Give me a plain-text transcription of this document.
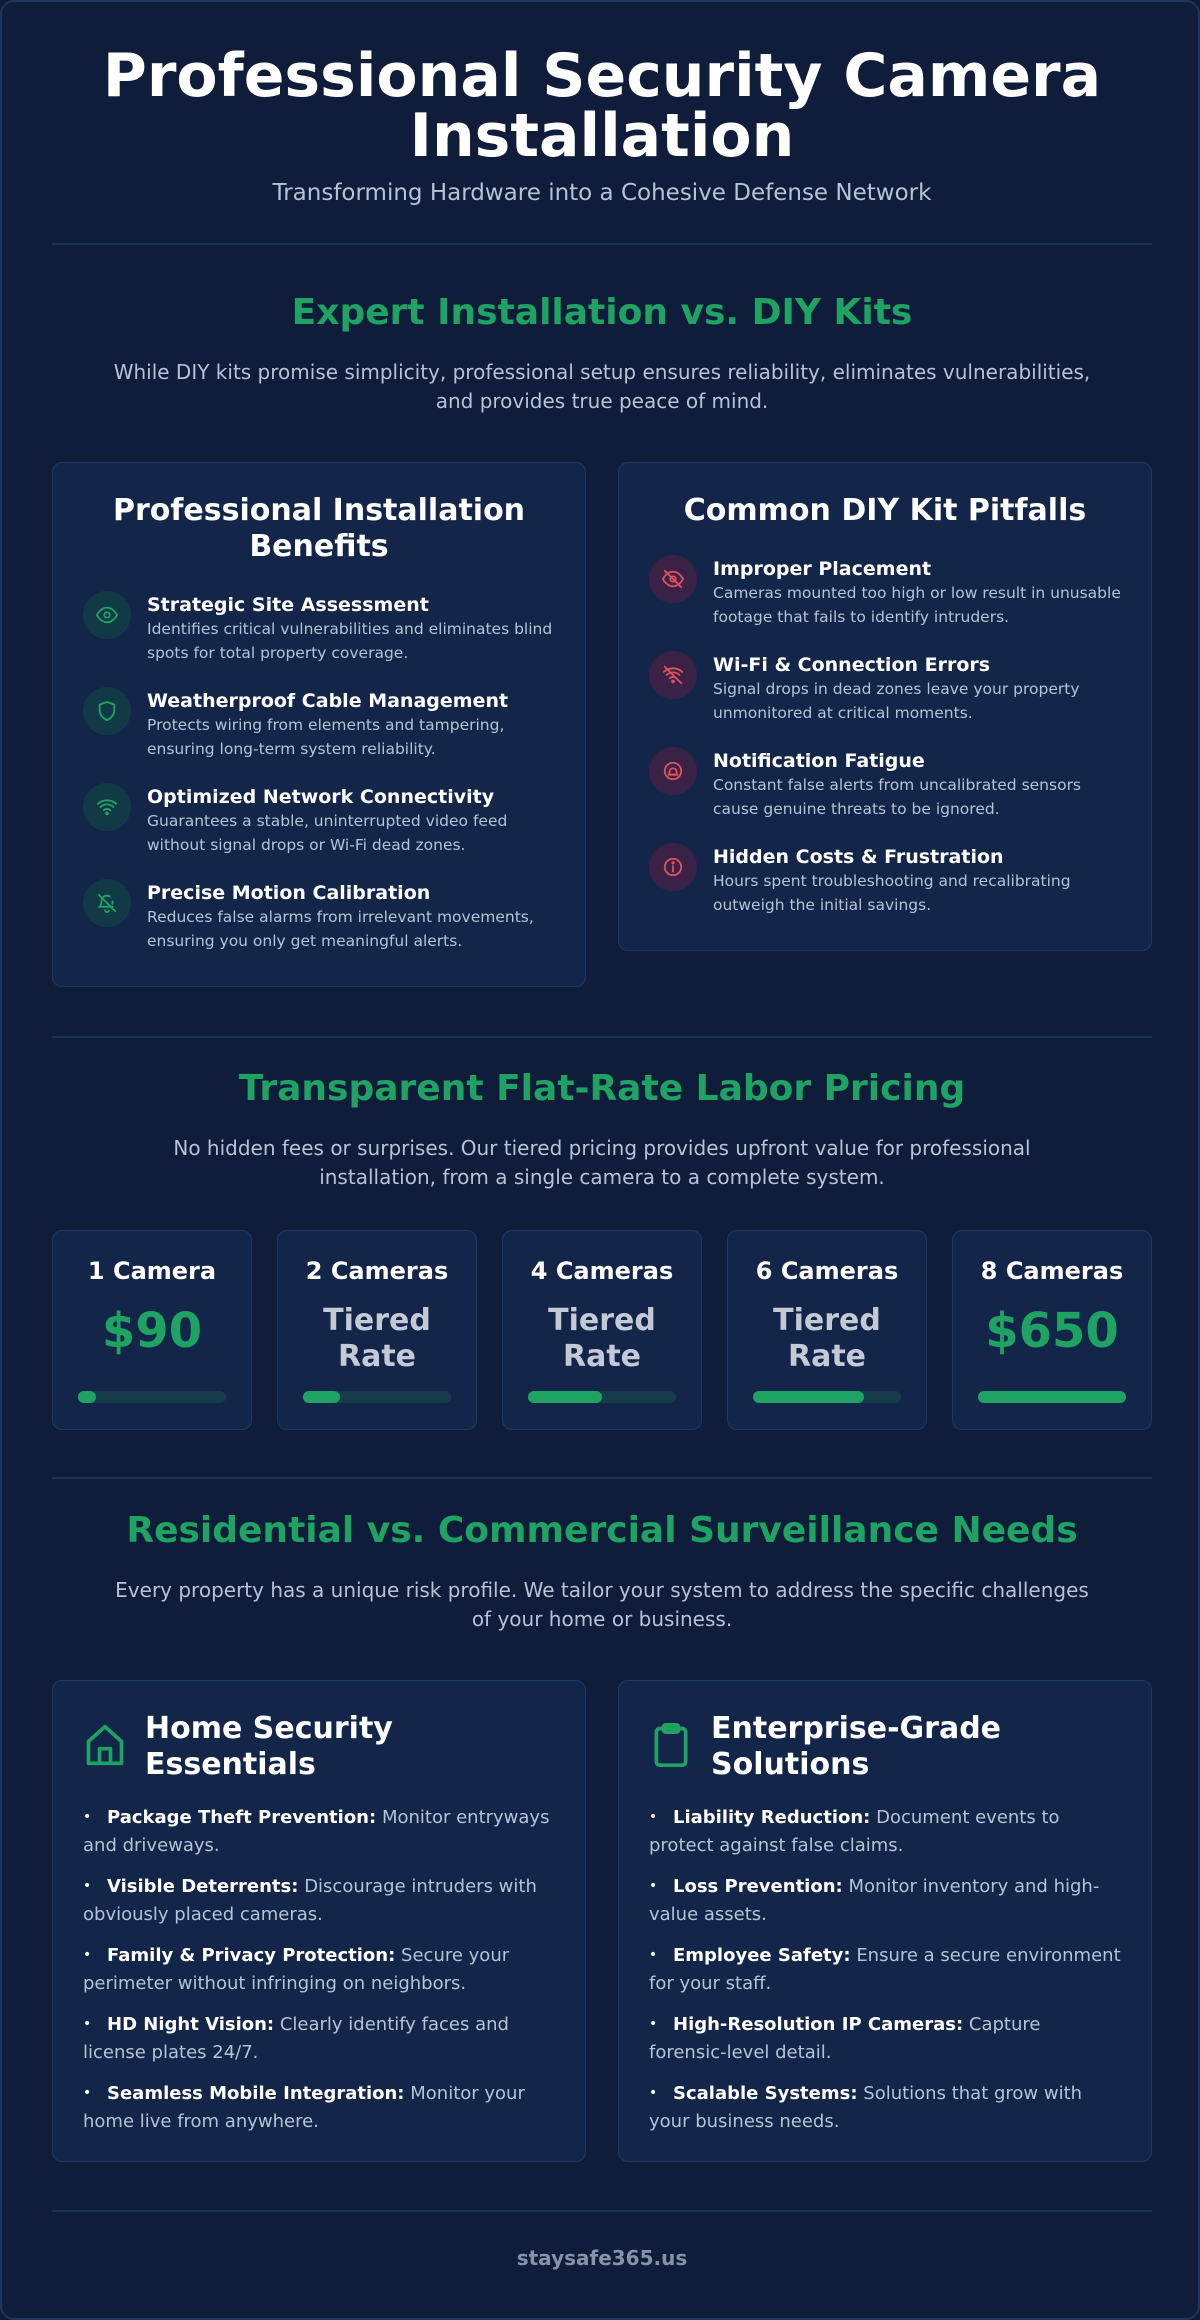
Professional Security Camera
Installation
Transforming Hardware into a Cohesive Defense Network
Expert Installation vs. DIY Kits
While DIY kits promise simplicity, professional setup ensures reliability, eliminates vulnerabilities, and provides true peace of mind.
Professional Installation Benefits
Strategic Site Assessment
Identifies critical vulnerabilities and eliminates blind spots for total property coverage.
Weatherproof Cable Management
Protects wiring from elements and tampering, ensuring long-term system reliability.
Optimized Network Connectivity
Guarantees a stable, uninterrupted video feed without signal drops or Wi-Fi dead zones.
Precise Motion Calibration
Reduces false alarms from irrelevant movements, ensuring you only get meaningful alerts.
Common DIY Kit Pitfalls
Improper Placement
Cameras mounted too high or low result in unusable footage that fails to identify intruders.
Wi-Fi & Connection Errors
Signal drops in dead zones leave your property unmonitored at critical moments.
Notification Fatigue
Constant false alerts from uncalibrated sensors cause genuine threats to be ignored.
Hidden Costs & Frustration
Hours spent troubleshooting and recalibrating outweigh the initial savings.
Transparent Flat-Rate Labor Pricing
No hidden fees or surprises. Our tiered pricing provides upfront value for professional installation, from a single camera to a complete system.
1 Camera
$90
2 Cameras
Tiered Rate
4 Cameras
Tiered Rate
6 Cameras
Tiered Rate
8 Cameras
$650
Residential vs. Commercial Surveillance Needs
Every property has a unique risk profile. We tailor your system to address the specific challenges of your home or business.
Home Security Essentials
• Package Theft Prevention: Monitor entryways and driveways.
• Visible Deterrents: Discourage intruders with obviously placed cameras.
• Family & Privacy Protection: Secure your perimeter without infringing on neighbors.
• HD Night Vision: Clearly identify faces and license plates 24/7.
• Seamless Mobile Integration: Monitor your home live from anywhere.
Enterprise-Grade Solutions
• Liability Reduction: Document events to protect against false claims.
• Loss Prevention: Monitor inventory and high-value assets.
• Employee Safety: Ensure a secure environment for your staff.
• High-Resolution IP Cameras: Capture forensic-level detail.
• Scalable Systems: Solutions that grow with your business needs.
staysafe365.us
